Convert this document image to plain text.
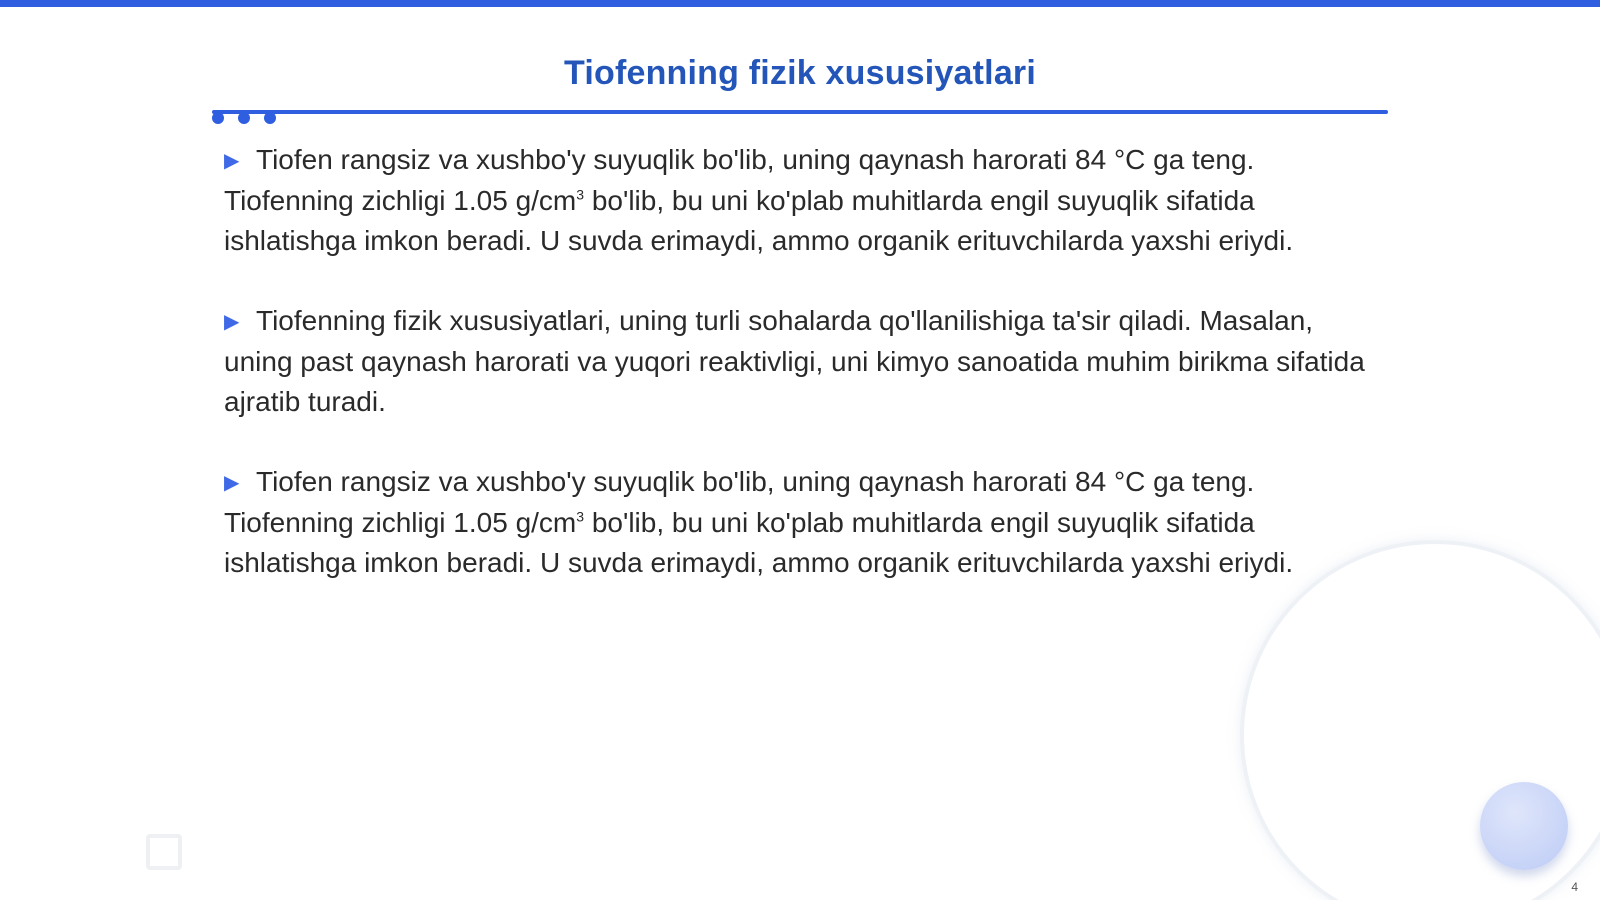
Tiofenning fizik xususiyatlari

▶ Tiofen rangsiz va xushbo'y suyuqlik bo'lib, uning qaynash harorati 84 °C ga teng. Tiofenning zichligi 1.05 $g/cm^3$ bo'lib, bu uni ko'plab muhitlarda engil suyuqlik sifatida ishlatishga imkon beradi. U suvda erimaydi, ammo organik erituvchilarda yaxshi eriydi.

▶ Tiofenning fizik xususiyatlari, uning turli sohalarda qo'llanilishiga ta'sir qiladi. Masalan, uning past qaynash harorati va yuqori reaktivligi, uni kimyo sanoatida muhim birikma sifatida ajratib turadi.

▶ Tiofen rangsiz va xushbo'y suyuqlik bo'lib, uning qaynash harorati 84 °C ga teng. Tiofenning zichligi 1.05 $g/cm^3$ bo'lib, bu uni ko'plab muhitlarda engil suyuqlik sifatida ishlatishga imkon beradi. U suvda erimaydi, ammo organik erituvchilarda yaxshi eriydi.

4
